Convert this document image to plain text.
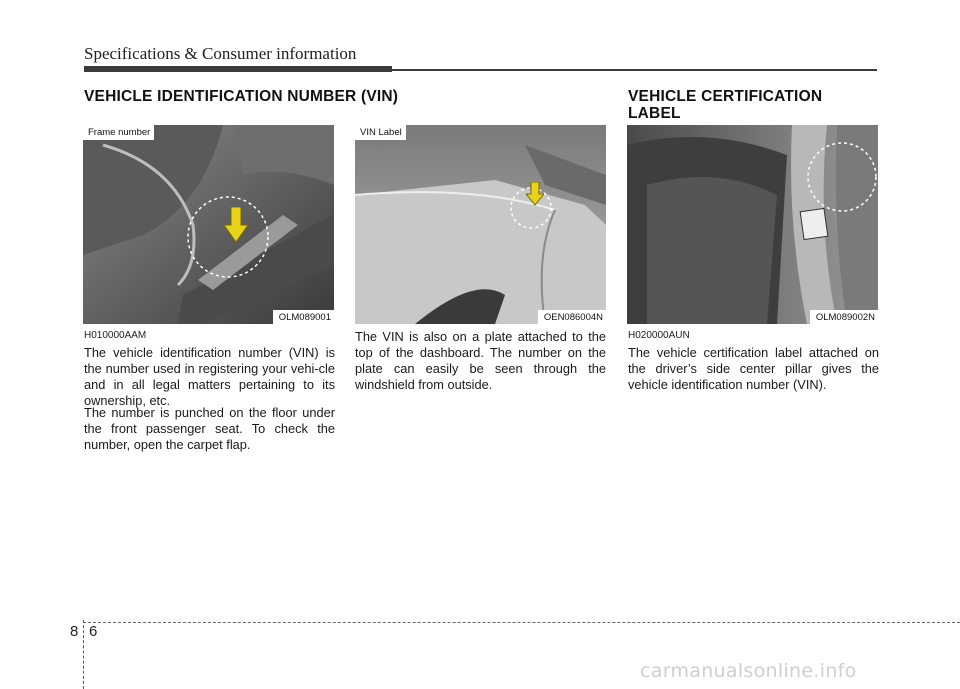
Specifications & Consumer information
VEHICLE IDENTIFICATION NUMBER (VIN)	VEHICLE CERTIFICATION
LABEL
Frame number
OLM089001
VIN Label
OEN086004N	OLM089002N
H010000AAM

The vehicle identification number (VIN) is the number used in registering your vehi-cle and in all legal matters pertaining to its ownership, etc.

The number is punched on the floor under the front passenger seat. To check the number, open the carpet flap.

The VIN is also on a plate attached to the top of the dashboard. The number on the plate can easily be seen through the windshield from outside.

H020000AUN

The vehicle certification label attached on the driver’s side center pillar gives the vehicle identification number (VIN).

8 6
carmanualsonline.info
